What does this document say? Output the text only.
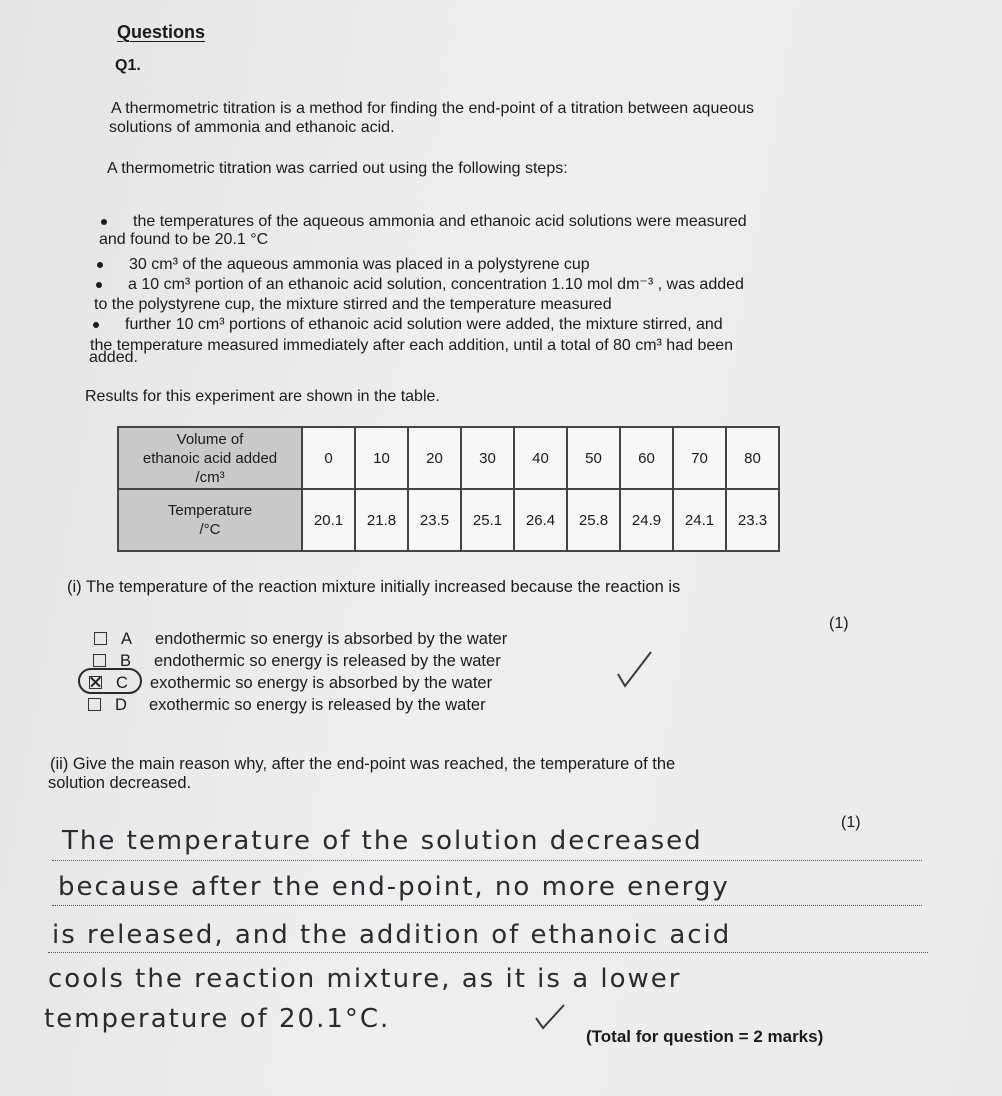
Questions
Q1.
A thermometric titration is a method for finding the end-point of a titration between aqueous
solutions of ammonia and ethanoic acid.
A thermometric titration was carried out using the following steps:
the temperatures of the aqueous ammonia and ethanoic acid solutions were measured
and found to be 20.1 °C
30 cm³ of the aqueous ammonia was placed in a polystyrene cup
a 10 cm³ portion of an ethanoic acid solution, concentration 1.10 mol dm⁻³ , was added
to the polystyrene cup, the mixture stirred and the temperature measured
further 10 cm³ portions of ethanoic acid solution were added, the mixture stirred, and
the temperature measured immediately after each addition, until a total of 80 cm³ had been
added.
Results for this experiment are shown in the table.
Volume of
ethanoic acid added
/cm³	0	10	20	30	40	50	60	70	80

Temperature
/°C	20.1	21.8	23.5	25.1	26.4	25.8	24.9	24.1	23.3
(i) The temperature of the reaction mixture initially increased because the reaction is
(1)
A endothermic so energy is absorbed by the water
B endothermic so energy is released by the water
C exothermic so energy is absorbed by the water
D exothermic so energy is released by the water
(ii) Give the main reason why, after the end-point was reached, the temperature of the
solution decreased.
(1)
The temperature of the solution decreased
because after the end-point, no more energy
is released, and the addition of ethanoic acid
cools the reaction mixture, as it is a lower
temperature of 20.1°C.
(Total for question = 2 marks)
